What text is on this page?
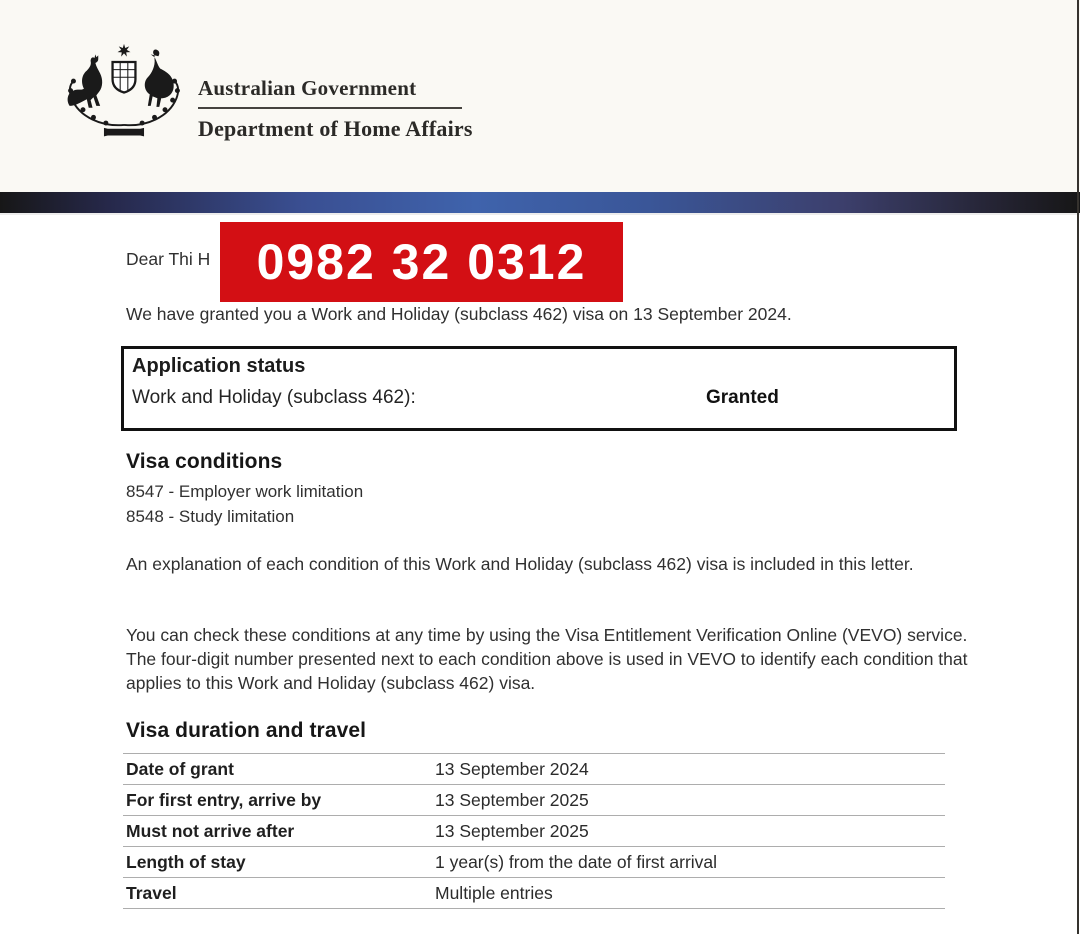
Australian Government
Department of Home Affairs
0982 32 0312
Dear Thi H
We have granted you a Work and Holiday (subclass 462) visa on 13 September 2024.
Application status
Work and Holiday (subclass 462):	Granted
Visa conditions
8547 - Employer work limitation
8548 - Study limitation
An explanation of each condition of this Work and Holiday (subclass 462) visa is included in this letter.
You can check these conditions at any time by using the Visa Entitlement Verification Online (VEVO) service. The four-digit number presented next to each condition above is used in VEVO to identify each condition that applies to this Work and Holiday (subclass 462) visa.
Visa duration and travel
Date of grant	13 September 2024
For first entry, arrive by	13 September 2025
Must not arrive after	13 September 2025
Length of stay	1 year(s) from the date of first arrival
Travel	Multiple entries
